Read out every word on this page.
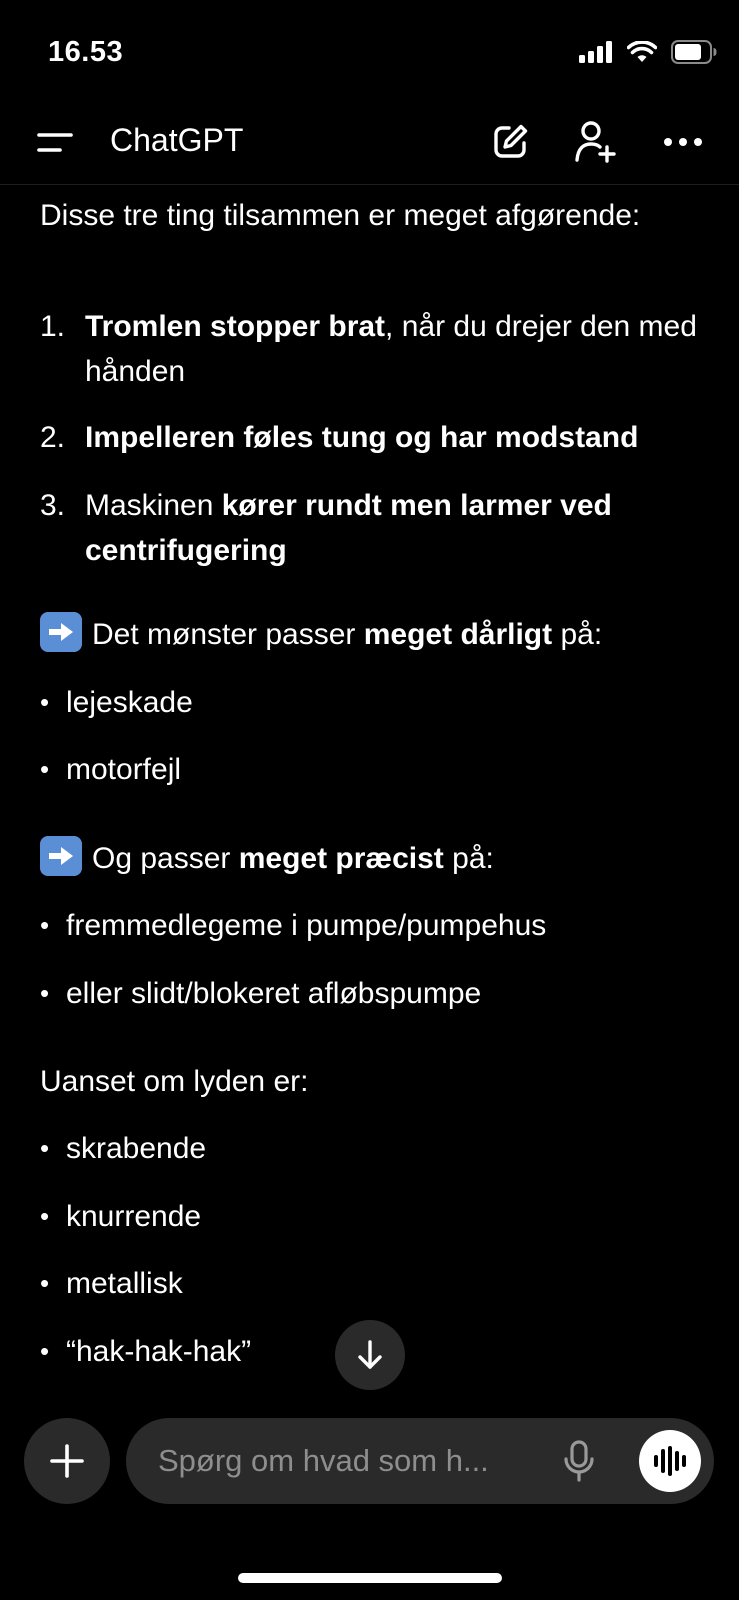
16.53
ChatGPT
Disse tre ting tilsammen er meget afgørende:
1. Tromlen stopper brat, når du drejer den med hånden
2. Impelleren føles tung og har modstand
3. Maskinen kører rundt men larmer ved centrifugering
Det mønster passer meget dårligt på:
• lejeskade
• motorfejl
Og passer meget præcist på:
• fremmedlegeme i pumpe/pumpehus
• eller slidt/blokeret afløbspumpe
Uanset om lyden er:
• skrabende
• knurrende
• metallisk
• “hak-hak-hak”
Spørg om hvad som h...
